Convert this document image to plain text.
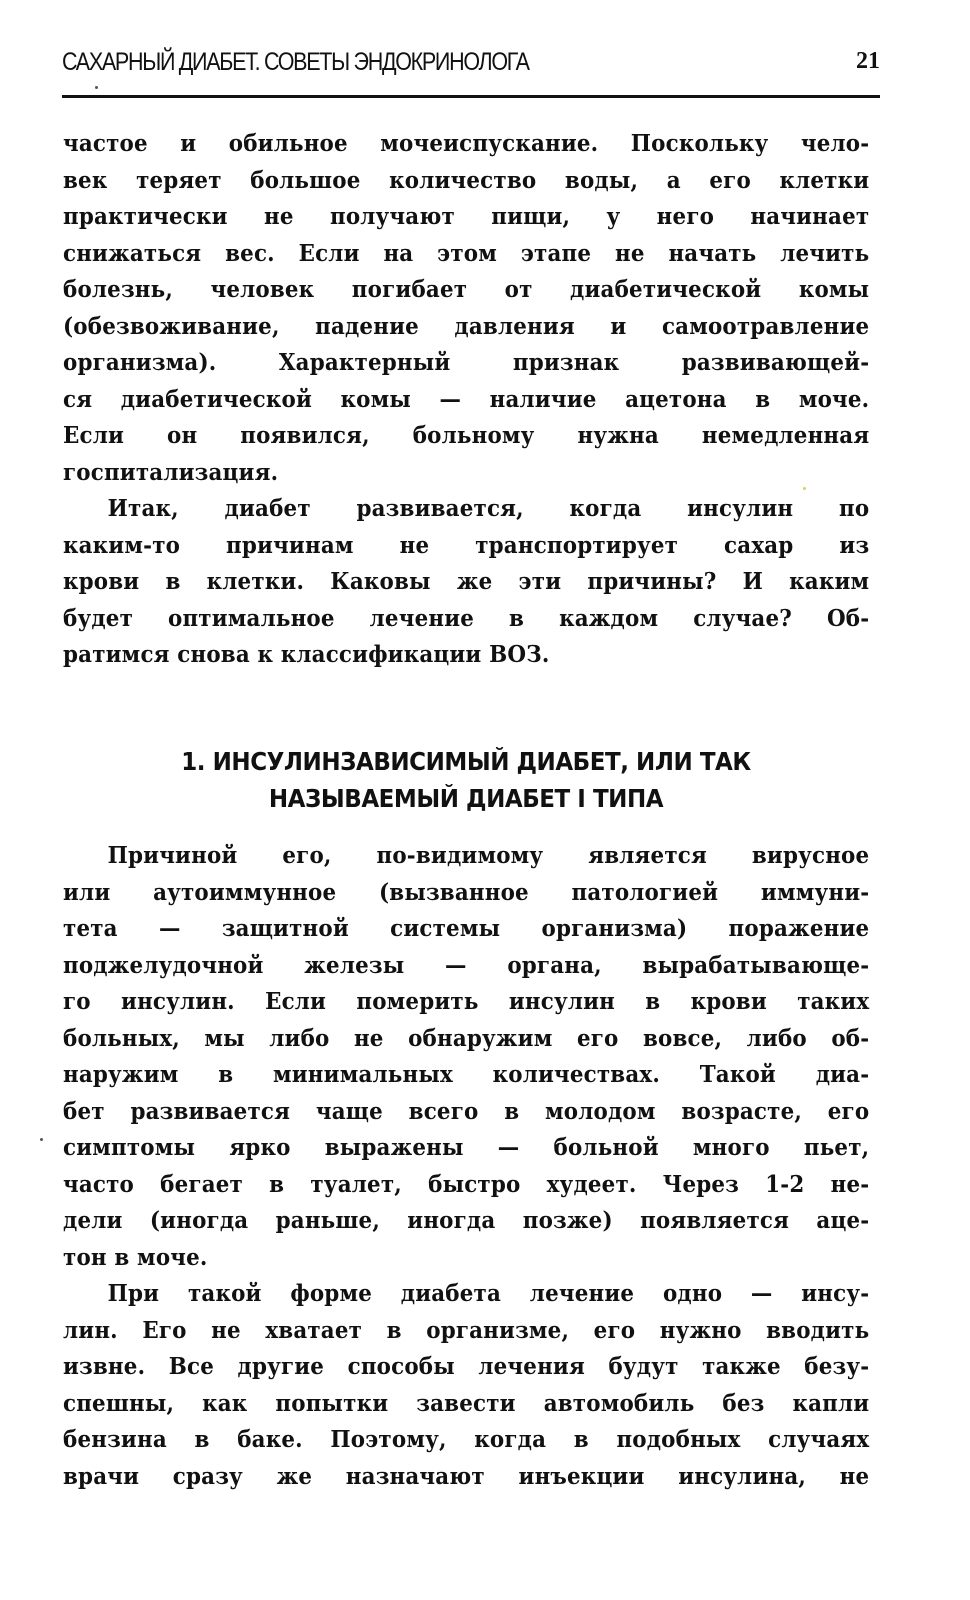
САХАРНЫЙ ДИАБЕТ. СОВЕТЫ ЭНДОКРИНОЛОГА	21
частое и обильное мочеиспускание. Поскольку чело-
век теряет большое количество воды, а его клетки
практически не получают пищи, у него начинает
снижаться вес. Если на этом этапе не начать лечить
болезнь, человек погибает от диабетической комы
(обезвоживание, падение давления и самоотравление
организма). Характерный признак развивающей-
ся диабетической комы — наличие ацетона в моче.
Если он появился, больному нужна немедленная
госпитализация.
Итак, диабет развивается, когда инсулин по
каким-то причинам не транспортирует сахар из
крови в клетки. Каковы же эти причины? И каким
будет оптимальное лечение в каждом случае? Об-
ратимся снова к классификации ВОЗ.
1. ИНСУЛИНЗАВИСИМЫЙ ДИАБЕТ, ИЛИ ТАК
НАЗЫВАЕМЫЙ ДИАБЕТ I ТИПА
Причиной его, по-видимому является вирусное
или аутоиммунное (вызванное патологией иммуни-
тета — защитной системы организма) поражение
поджелудочной железы — органа, вырабатывающе-
го инсулин. Если померить инсулин в крови таких
больных, мы либо не обнаружим его вовсе, либо об-
наружим в минимальных количествах. Такой диа-
бет развивается чаще всего в молодом возрасте, его
симптомы ярко выражены — больной много пьет,
часто бегает в туалет, быстро худеет. Через 1-2 не-
дели (иногда раньше, иногда позже) появляется аце-
тон в моче.
При такой форме диабета лечение одно — инсу-
лин. Его не хватает в организме, его нужно вводить
извне. Все другие способы лечения будут также безу-
спешны, как попытки завести автомобиль без капли
бензина в баке. Поэтому, когда в подобных случаях
врачи сразу же назначают инъекции инсулина, не
